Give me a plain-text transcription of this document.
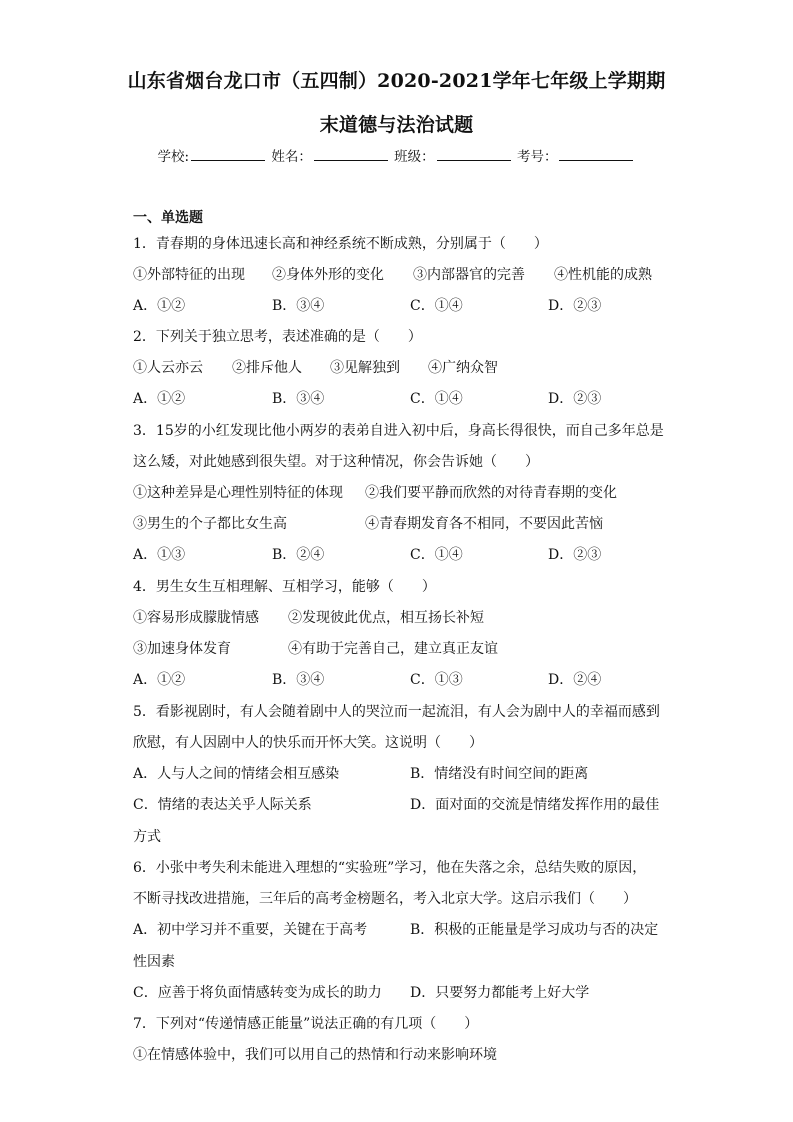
山东省烟台龙口市（五四制）2020-2021学年七年级上学期期
末道德与法治试题
学校:	姓名：	班级：	考号：
一、单选题
1．青春期的身体迅速长高和神经系统不断成熟，分别属于（　　）
①外部特征的出现 ②身体外形的变化 ③内部器官的完善 ④性机能的成熟
A．①②	B．③④	C．①④	D．②③
2．下列关于独立思考，表述准确的是（　　）
①人云亦云 ②排斥他人 ③见解独到 ④广纳众智
A．①②	B．③④	C．①④	D．②③
3．15岁的小红发现比他小两岁的表弟自进入初中后，身高长得很快，而自己多年总是
这么矮，对此她感到很失望。对于这种情况，你会告诉她（　　）
①这种差异是心理性别特征的体现 ②我们要平静而欣然的对待青春期的变化
③男生的个子都比女生高	④青春期发育各不相同，不要因此苦恼
A．①③	B．②④	C．①④	D．②③
4．男生女生互相理解、互相学习，能够（　　）
①容易形成朦胧情感 ②发现彼此优点，相互扬长补短
③加速身体发育	④有助于完善自己，建立真正友谊
A．①②	B．③④	C．①③	D．②④
5．看影视剧时，有人会随着剧中人的哭泣而一起流泪，有人会为剧中人的幸福而感到
欣慰，有人因剧中人的快乐而开怀大笑。这说明（　　）
A．人与人之间的情绪会相互感染	B．情绪没有时间空间的距离
C．情绪的表达关乎人际关系	D．面对面的交流是情绪发挥作用的最佳
方式
6．小张中考失利未能进入理想的“实验班”学习，他在失落之余，总结失败的原因，
不断寻找改进措施，三年后的高考金榜题名，考入北京大学。这启示我们（　　）
A．初中学习并不重要，关键在于高考	B．积极的正能量是学习成功与否的决定
性因素
C．应善于将负面情感转变为成长的助力 D．只要努力都能考上好大学
7．下列对“传递情感正能量”说法正确的有几项（　　）
①在情感体验中，我们可以用自己的热情和行动来影响环境
